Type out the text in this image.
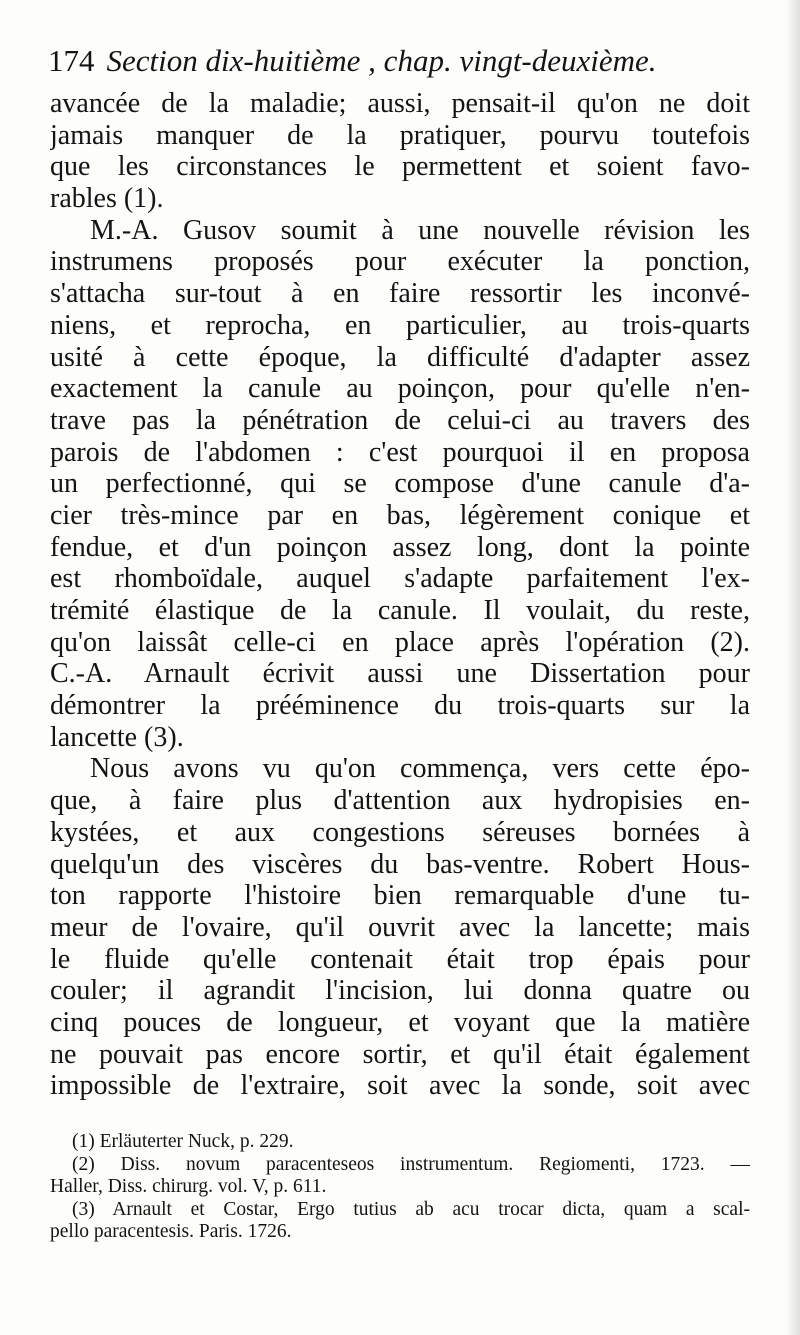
174 Section dix-huitième , chap. vingt-deuxième.
avancée de la maladie; aussi, pensait-il qu'on ne doit
jamais manquer de la pratiquer, pourvu toutefois
que les circonstances le permettent et soient favo-
rables (1).
M.-A. Gusov soumit à une nouvelle révision les
instrumens proposés pour exécuter la ponction,
s'attacha sur-tout à en faire ressortir les inconvé-
niens, et reprocha, en particulier, au trois-quarts
usité à cette époque, la difficulté d'adapter assez
exactement la canule au poinçon, pour qu'elle n'en-
trave pas la pénétration de celui-ci au travers des
parois de l'abdomen : c'est pourquoi il en proposa
un perfectionné, qui se compose d'une canule d'a-
cier très-mince par en bas, légèrement conique et
fendue, et d'un poinçon assez long, dont la pointe
est rhomboïdale, auquel s'adapte parfaitement l'ex-
trémité élastique de la canule. Il voulait, du reste,
qu'on laissât celle-ci en place après l'opération (2).
C.-A. Arnault écrivit aussi une Dissertation pour
démontrer la prééminence du trois-quarts sur la
lancette (3).
Nous avons vu qu'on commença, vers cette épo-
que, à faire plus d'attention aux hydropisies en-
kystées, et aux congestions séreuses bornées à
quelqu'un des viscères du bas-ventre. Robert Hous-
ton rapporte l'histoire bien remarquable d'une tu-
meur de l'ovaire, qu'il ouvrit avec la lancette; mais
le fluide qu'elle contenait était trop épais pour
couler; il agrandit l'incision, lui donna quatre ou
cinq pouces de longueur, et voyant que la matière
ne pouvait pas encore sortir, et qu'il était également
impossible de l'extraire, soit avec la sonde, soit avec
(1) Erläuterter Nuck, p. 229.
(2) Diss. novum paracenteseos instrumentum. Regiomenti, 1723. —
Haller, Diss. chirurg. vol. V, p. 611.
(3) Arnault et Costar, Ergo tutius ab acu trocar dicta, quam a scal-
pello paracentesis. Paris. 1726.
